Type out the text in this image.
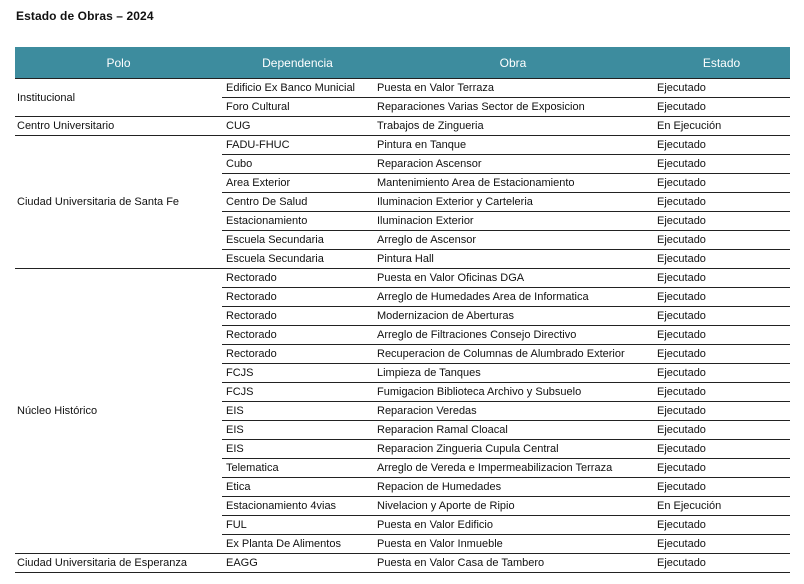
Estado de Obras – 2024
Polo	Dependencia	Obra	Estado
Institucional	Edificio Ex Banco Municial	Puesta en Valor Terraza	Ejecutado
	Foro Cultural	Reparaciones Varias Sector de Exposicion	Ejecutado
Centro Universitario	CUG	Trabajos de Zingueria	En Ejecución
Ciudad Universitaria de Santa Fe	FADU-FHUC	Pintura en Tanque	Ejecutado
	Cubo	Reparacion Ascensor	Ejecutado
	Area Exterior	Mantenimiento Area de Estacionamiento	Ejecutado
	Centro De Salud	Iluminacion Exterior y Carteleria	Ejecutado
	Estacionamiento	Iluminacion Exterior	Ejecutado
	Escuela Secundaria	Arreglo de Ascensor	Ejecutado
	Escuela Secundaria	Pintura Hall	Ejecutado
Núcleo Histórico	Rectorado	Puesta en Valor Oficinas DGA	Ejecutado
	Rectorado	Arreglo de Humedades Area de Informatica	Ejecutado
	Rectorado	Modernizacion de Aberturas	Ejecutado
	Rectorado	Arreglo de Filtraciones Consejo Directivo	Ejecutado
	Rectorado	Recuperacion de Columnas de Alumbrado Exterior	Ejecutado
	FCJS	Limpieza de Tanques	Ejecutado
	FCJS	Fumigacion Biblioteca Archivo y Subsuelo	Ejecutado
	EIS	Reparacion Veredas	Ejecutado
	EIS	Reparacion Ramal Cloacal	Ejecutado
	EIS	Reparacion Zingueria Cupula Central	Ejecutado
	Telematica	Arreglo de Vereda e Impermeabilizacion Terraza	Ejecutado
	Etica	Repacion de Humedades	Ejecutado
	Estacionamiento 4vias	Nivelacion y Aporte de Ripio	En Ejecución
	FUL	Puesta en Valor Edificio	Ejecutado
	Ex Planta De Alimentos	Puesta en Valor Inmueble	Ejecutado
Ciudad Universitaria de Esperanza	EAGG	Puesta en Valor Casa de Tambero	Ejecutado
